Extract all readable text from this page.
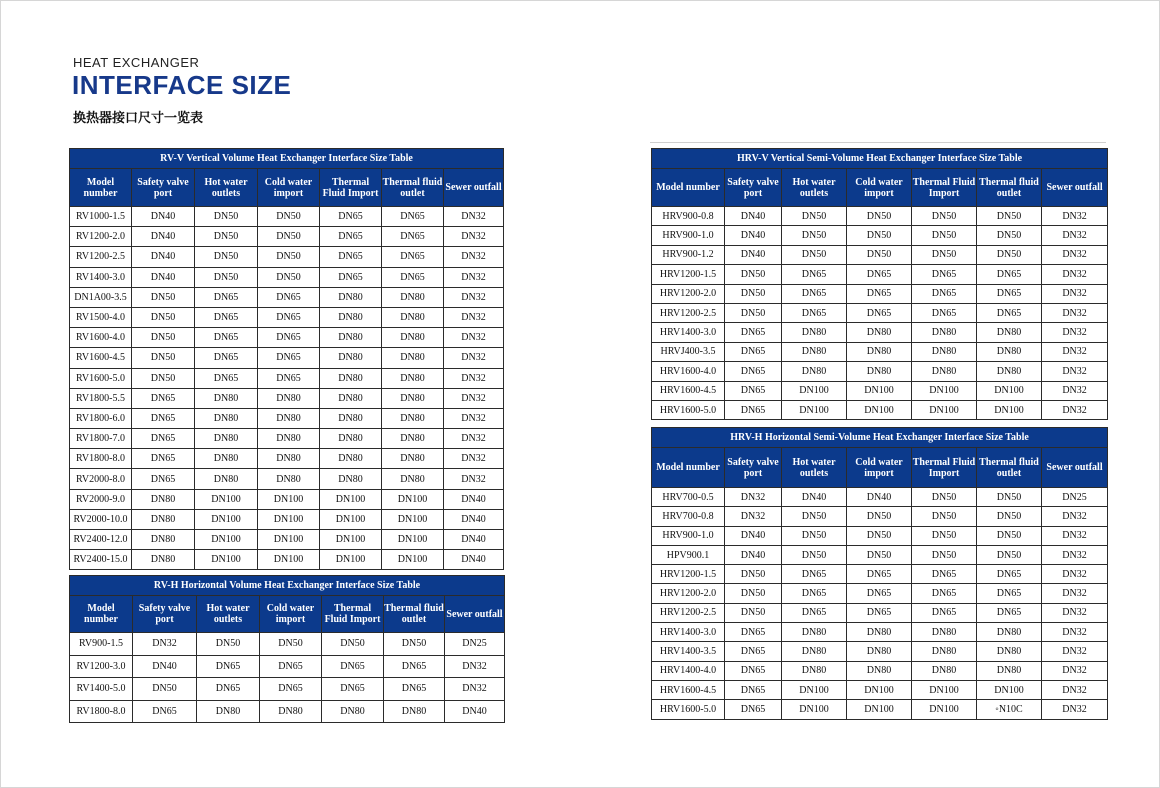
HEAT EXCHANGER
INTERFACE SIZE
换热器接口尺寸一览表
RV-V Vertical Volume Heat Exchanger Interface Size Table						
Model number	Safety valve port	Hot water outlets	Cold water import	Thermal Fluid Import	Thermal fluid outlet	Sewer outfall
RV1000-1.5	DN40	DN50	DN50	DN65	DN65	DN32
RV1200-2.0	DN40	DN50	DN50	DN65	DN65	DN32
RV1200-2.5	DN40	DN50	DN50	DN65	DN65	DN32
RV1400-3.0	DN40	DN50	DN50	DN65	DN65	DN32
DN1A00-3.5	DN50	DN65	DN65	DN80	DN80	DN32
RV1500-4.0	DN50	DN65	DN65	DN80	DN80	DN32
RV1600-4.0	DN50	DN65	DN65	DN80	DN80	DN32
RV1600-4.5	DN50	DN65	DN65	DN80	DN80	DN32
RV1600-5.0	DN50	DN65	DN65	DN80	DN80	DN32
RV1800-5.5	DN65	DN80	DN80	DN80	DN80	DN32
RV1800-6.0	DN65	DN80	DN80	DN80	DN80	DN32
RV1800-7.0	DN65	DN80	DN80	DN80	DN80	DN32
RV1800-8.0	DN65	DN80	DN80	DN80	DN80	DN32
RV2000-8.0	DN65	DN80	DN80	DN80	DN80	DN32
RV2000-9.0	DN80	DN100	DN100	DN100	DN100	DN40
RV2000-10.0	DN80	DN100	DN100	DN100	DN100	DN40
RV2400-12.0	DN80	DN100	DN100	DN100	DN100	DN40
RV2400-15.0	DN80	DN100	DN100	DN100	DN100	DN40
RV-H Horizontal Volume Heat Exchanger Interface Size Table						
Model number	Safety valve port	Hot water outlets	Cold water import	Thermal Fluid Import	Thermal fluid outlet	Sewer outfall
RV900-1.5	DN32	DN50	DN50	DN50	DN50	DN25
RV1200-3.0	DN40	DN65	DN65	DN65	DN65	DN32
RV1400-5.0	DN50	DN65	DN65	DN65	DN65	DN32
RV1800-8.0	DN65	DN80	DN80	DN80	DN80	DN40
HRV-V Vertical Semi-Volume Heat Exchanger Interface Size Table						
Model number	Safety valve port	Hot water outlets	Cold water import	Thermal Fluid Import	Thermal fluid outlet	Sewer outfall
HRV900-0.8	DN40	DN50	DN50	DN50	DN50	DN32
HRV900-1.0	DN40	DN50	DN50	DN50	DN50	DN32
HRV900-1.2	DN40	DN50	DN50	DN50	DN50	DN32
HRV1200-1.5	DN50	DN65	DN65	DN65	DN65	DN32
HRV1200-2.0	DN50	DN65	DN65	DN65	DN65	DN32
HRV1200-2.5	DN50	DN65	DN65	DN65	DN65	DN32
HRV1400-3.0	DN65	DN80	DN80	DN80	DN80	DN32
HRVJ400-3.5	DN65	DN80	DN80	DN80	DN80	DN32
HRV1600-4.0	DN65	DN80	DN80	DN80	DN80	DN32
HRV1600-4.5	DN65	DN100	DN100	DN100	DN100	DN32
HRV1600-5.0	DN65	DN100	DN100	DN100	DN100	DN32
HRV-H Horizontal Semi-Volume Heat Exchanger Interface Size Table						
Model number	Safety valve port	Hot water outlets	Cold water import	Thermal Fluid Import	Thermal fluid outlet	Sewer outfall
HRV700-0.5	DN32	DN40	DN40	DN50	DN50	DN25
HRV700-0.8	DN32	DN50	DN50	DN50	DN50	DN32
HRV900-1.0	DN40	DN50	DN50	DN50	DN50	DN32
HPV900.1	DN40	DN50	DN50	DN50	DN50	DN32
HRV1200-1.5	DN50	DN65	DN65	DN65	DN65	DN32
HRV1200-2.0	DN50	DN65	DN65	DN65	DN65	DN32
HRV1200-2.5	DN50	DN65	DN65	DN65	DN65	DN32
HRV1400-3.0	DN65	DN80	DN80	DN80	DN80	DN32
HRV1400-3.5	DN65	DN80	DN80	DN80	DN80	DN32
HRV1400-4.0	DN65	DN80	DN80	DN80	DN80	DN32
HRV1600-4.5	DN65	DN100	DN100	DN100	DN100	DN32
HRV1600-5.0	DN65	DN100	DN100	DN100	◦N10C	DN32
